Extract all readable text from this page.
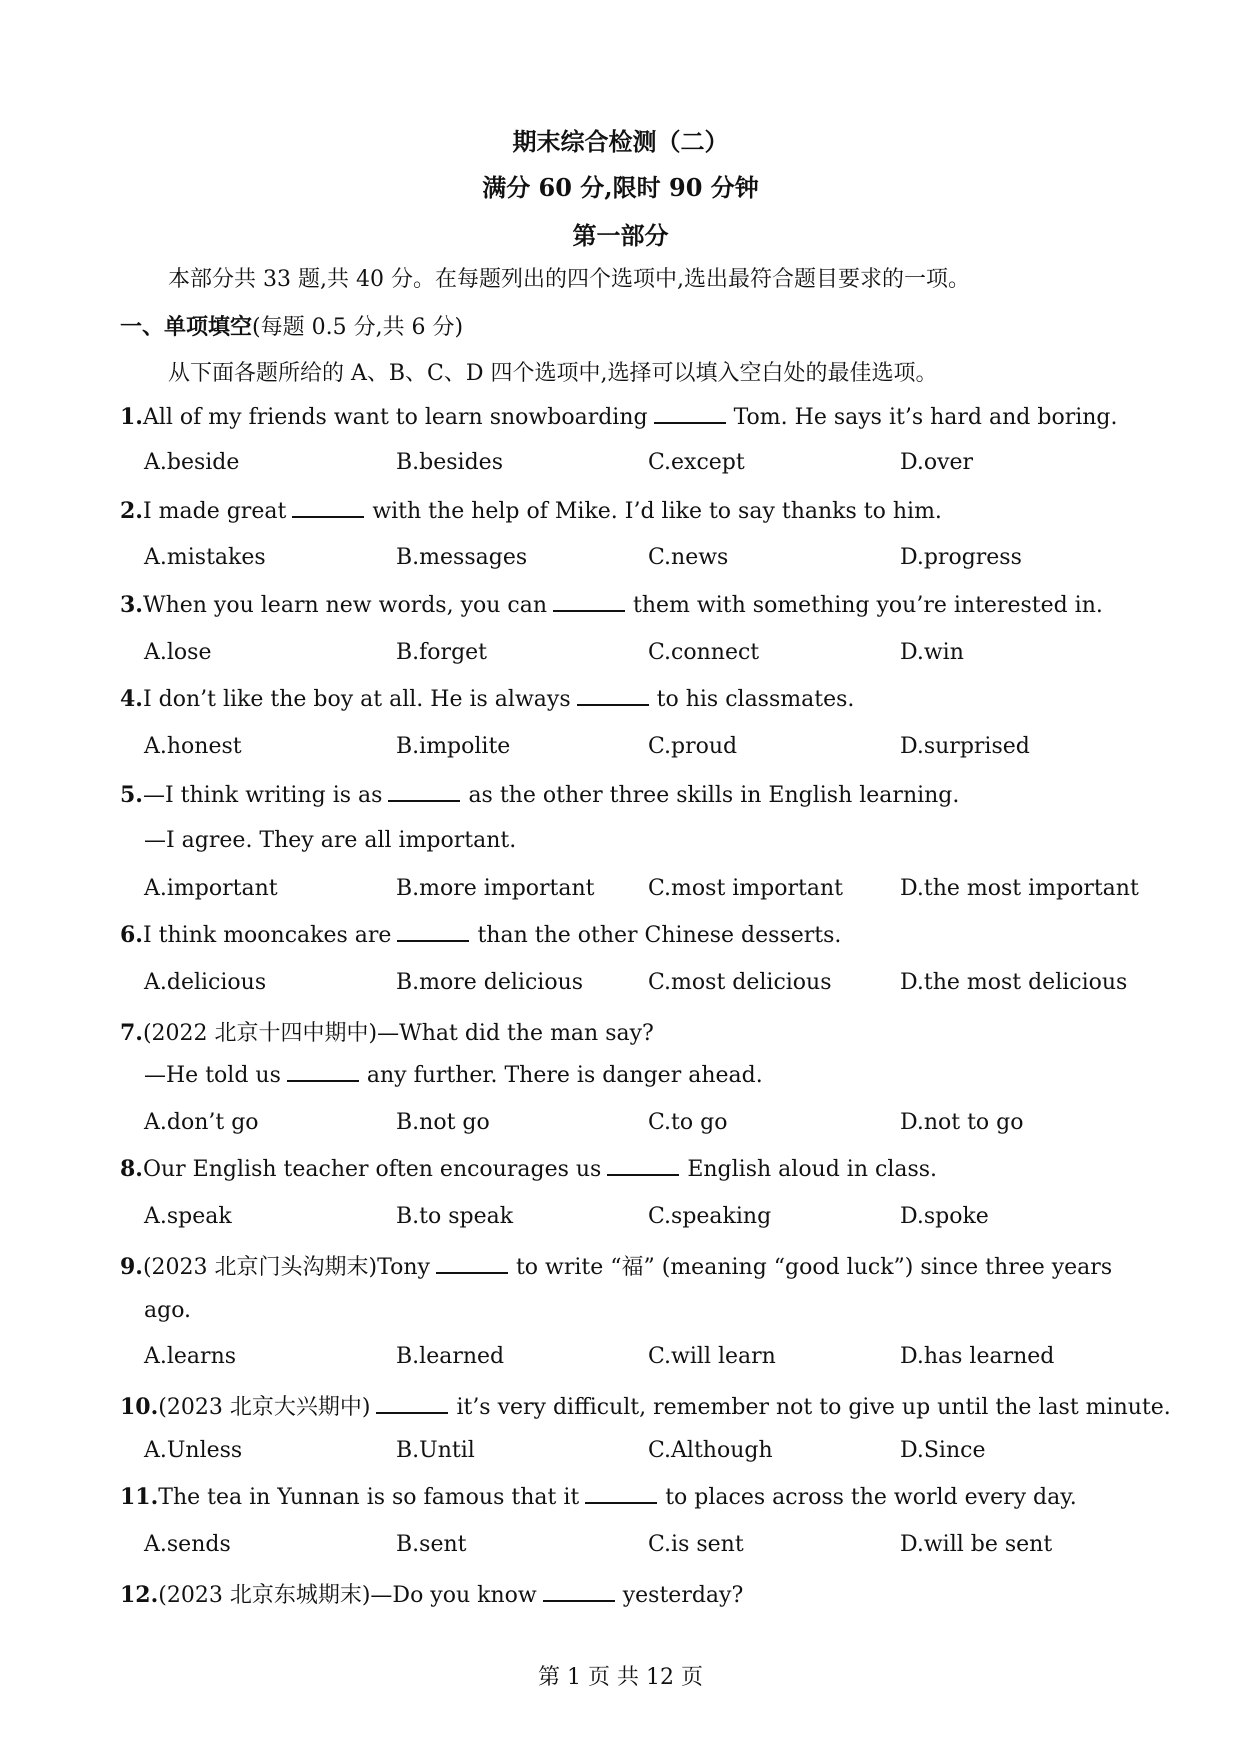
期末综合检测（二）
满分 60 分,限时 90 分钟
第一部分
本部分共 33 题,共 40 分。在每题列出的四个选项中,选出最符合题目要求的一项。
一、单项填空(每题 0.5 分,共 6 分)
从下面各题所给的 A、B、C、D 四个选项中,选择可以填入空白处的最佳选项。
1.All of my friends want to learn snowboarding	Tom. He says it’s hard and boring.
A.beside	B.besides	C.except	D.over
2.I made great	with the help of Mike. I’d like to say thanks to him.
A.mistakes	B.messages	C.news	D.progress
3.When you learn new words, you can	them with something you’re interested in.
A.lose	B.forget	C.connect	D.win
4.I don’t like the boy at all. He is always	to his classmates.
A.honest	B.impolite	C.proud	D.surprised
5.—I think writing is as	as the other three skills in English learning.
—I agree. They are all important.
A.important	B.more important	C.most important	D.the most important
6.I think mooncakes are	than the other Chinese desserts.
A.delicious	B.more delicious	C.most delicious	D.the most delicious
7.(2022 北京十四中期中)—What did the man say?
—He told us	any further. There is danger ahead.
A.don’t go	B.not go	C.to go	D.not to go
8.Our English teacher often encourages us	English aloud in class.
A.speak	B.to speak	C.speaking	D.spoke
9.(2023 北京门头沟期末)Tony	to write “福” (meaning “good luck”) since three years
ago.
A.learns	B.learned	C.will learn	D.has learned
10.(2023 北京大兴期中)	it’s very difficult, remember not to give up until the last minute.
A.Unless	B.Until	C.Although	D.Since
11.The tea in Yunnan is so famous that it	to places across the world every day.
A.sends	B.sent	C.is sent	D.will be sent
12.(2023 北京东城期末)—Do you know	yesterday?
第 1 页 共 12 页
